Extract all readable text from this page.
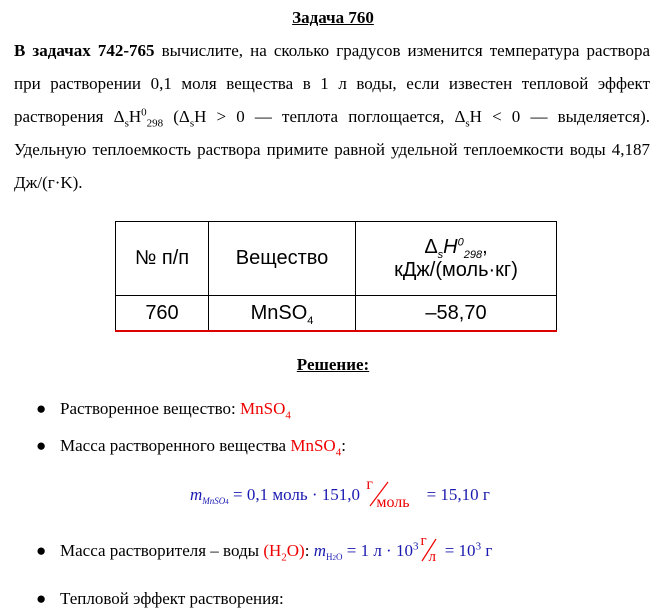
Задача 760
В задачах 742-765 вычислите, на сколько градусов изменится температура раствора при растворении 0,1 моля вещества в 1 л воды, если известен тепловой эффект растворения $\Delta_sH^0_{298}$ ($\Delta_sH > 0$ — теплота поглощается, $\Delta_sH < 0$ — выделяется). Удельную теплоемкость раствора примите равной удельной теплоемкости воды 4,187 Дж/(г·K).
№ п/п	Вещество	$\Delta_sH^0_{298}$,
кДж/(моль·кг)

760	MnSO$_4$	–58,70
Решение:
● Растворенное вещество: MnSO$_4$
● Масса растворенного вещества MnSO$_4$:
$m_{MnSO4} = 0,1$ моль · 151,0
г
моль = 15,10 г
● Масса растворителя – воды $(H_2O)$: $m_{H2O} = 1$ $л \cdot 10^3$ г
$л = 10^3$ г
● Тепловой эффект растворения:
